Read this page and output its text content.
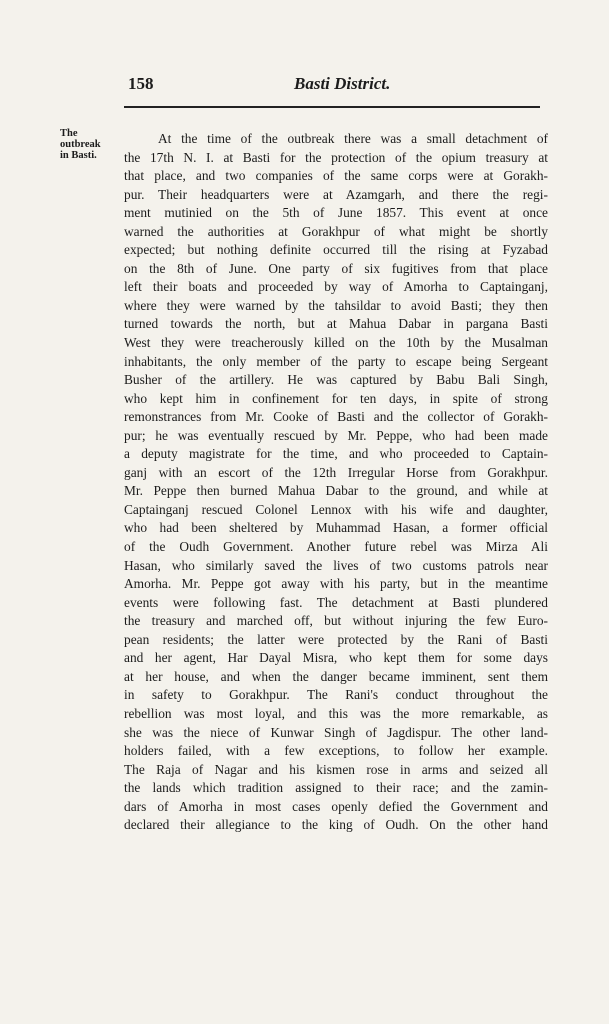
158	Basti District.
The
outbreak
in Basti.
At the time of the outbreak there was a small detachment of
the 17th N. I. at Basti for the protection of the opium treasury at
that place, and two companies of the same corps were at Gorakh-
pur. Their headquarters were at Azamgarh, and there the regi-
ment mutinied on the 5th of June 1857. This event at once
warned the authorities at Gorakhpur of what might be shortly
expected; but nothing definite occurred till the rising at Fyzabad
on the 8th of June. One party of six fugitives from that place
left their boats and proceeded by way of Amorha to Captainganj,
where they were warned by the tahsildar to avoid Basti; they then
turned towards the north, but at Mahua Dabar in pargana Basti
West they were treacherously killed on the 10th by the Musalman
inhabitants, the only member of the party to escape being Sergeant
Busher of the artillery. He was captured by Babu Bali Singh,
who kept him in confinement for ten days, in spite of strong
remonstrances from Mr. Cooke of Basti and the collector of Gorakh-
pur; he was eventually rescued by Mr. Peppe, who had been made
a deputy magistrate for the time, and who proceeded to Captain-
ganj with an escort of the 12th Irregular Horse from Gorakhpur.
Mr. Peppe then burned Mahua Dabar to the ground, and while at
Captainganj rescued Colonel Lennox with his wife and daughter,
who had been sheltered by Muhammad Hasan, a former official
of the Oudh Government. Another future rebel was Mirza Ali
Hasan, who similarly saved the lives of two customs patrols near
Amorha. Mr. Peppe got away with his party, but in the meantime
events were following fast. The detachment at Basti plundered
the treasury and marched off, but without injuring the few Euro-
pean residents; the latter were protected by the Rani of Basti
and her agent, Har Dayal Misra, who kept them for some days
at her house, and when the danger became imminent, sent them
in safety to Gorakhpur. The Rani's conduct throughout the
rebellion was most loyal, and this was the more remarkable, as
she was the niece of Kunwar Singh of Jagdispur. The other land-
holders failed, with a few exceptions, to follow her example.
The Raja of Nagar and his kismen rose in arms and seized all
the lands which tradition assigned to their race; and the zamin-
dars of Amorha in most cases openly defied the Government and
declared their allegiance to the king of Oudh. On the other hand
